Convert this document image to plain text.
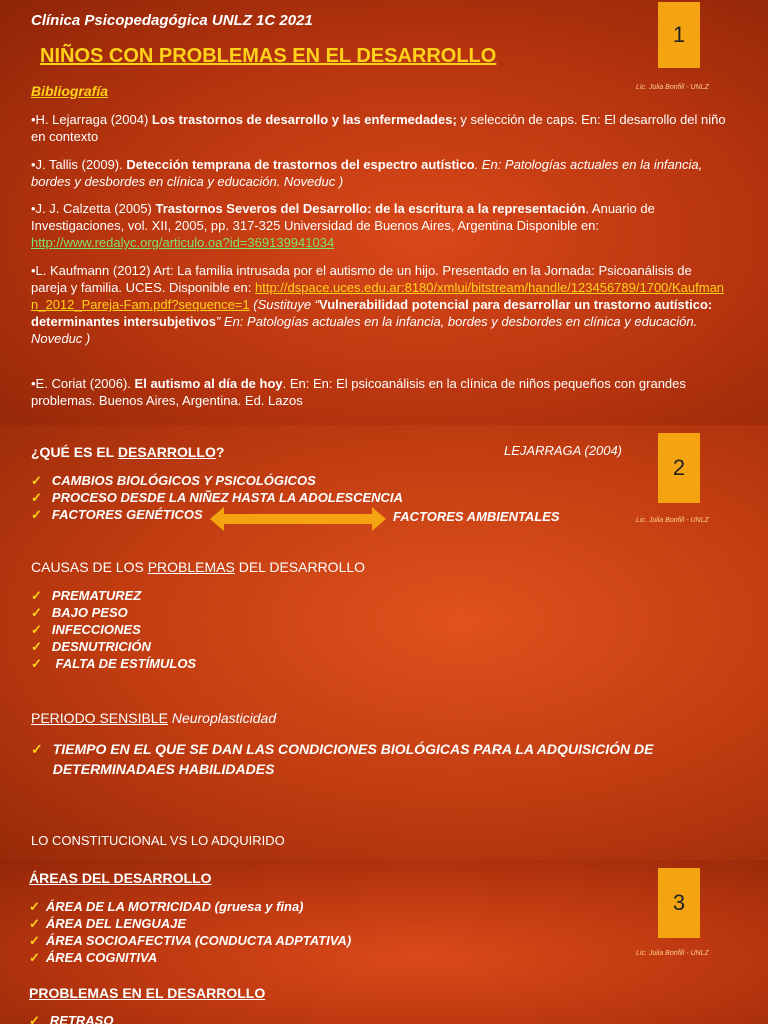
Clínica Psicopedagógica UNLZ 1C 2021
NIÑOS CON PROBLEMAS EN EL DESARROLLO
1
Lic. Julia Bonfill - UNLZ
Bibliografía
•H. Lejarraga (2004) Los trastornos de desarrollo y las enfermedades; y selección de caps. En: El desarrollo del niño en contexto
•J. Tallis (2009). Detección temprana de trastornos del espectro autístico. En: Patologías actuales en la infancia, bordes y desbordes en clínica y educación. Noveduc )
•J. J. Calzetta (2005) Trastornos Severos del Desarrollo: de la escritura a la representación. Anuario de Investigaciones, vol. XII, 2005, pp. 317-325 Universidad de Buenos Aires, Argentina Disponible en: http://www.redalyc.org/articulo.oa?id=369139941034
•L. Kaufmann (2012) Art: La familia intrusada por el autismo de un hijo. Presentado en la Jornada: Psicoanálisis de pareja y familia. UCES. Disponible en: http://dspace.uces.edu.ar:8180/xmlui/bitstream/handle/123456789/1700/Kaufmann_2012_Pareja-Fam.pdf?sequence=1 (Sustituye “Vulnerabilidad potencial para desarrollar un trastorno autístico: determinantes intersubjetivos” En: Patologías actuales en la infancia, bordes y desbordes en clínica y educación. Noveduc )
•E. Coriat (2006). El autismo al día de hoy. En: En: El psicoanálisis en la clínica de niños pequeños con grandes problemas. Buenos Aires, Argentina. Ed. Lazos
¿QUÉ ES EL DESARROLLO?	LEJARRAGA (2004)
2
Lic. Julia Bonfill - UNLZ
✓ CAMBIOS BIOLÓGICOS Y PSICOLÓGICOS
✓ PROCESO DESDE LA NIÑEZ HASTA LA ADOLESCENCIA
✓ FACTORES GENÉTICOS	FACTORES AMBIENTALES
CAUSAS DE LOS PROBLEMAS DEL DESARROLLO
✓ PREMATUREZ
✓ BAJO PESO
✓ INFECCIONES
✓ DESNUTRICIÓN
✓ FALTA DE ESTÍMULOS
PERIODO SENSIBLE Neuroplasticidad
✓ TIEMPO EN EL QUE SE DAN LAS CONDICIONES BIOLÓGICAS PARA LA ADQUISICIÓN DE DETERMINADAES HABILIDADES
LO CONSTITUCIONAL VS LO ADQUIRIDO
ÁREAS DEL DESARROLLO
3
Lic. Julia Bonfill - UNLZ
✓ ÁREA DE LA MOTRICIDAD (gruesa y fina)
✓ ÁREA DEL LENGUAJE
✓ ÁREA SOCIOAFECTIVA (CONDUCTA ADPTATIVA)
✓ ÁREA COGNITIVA
PROBLEMAS EN EL DESARROLLO
✓ RETRASO
